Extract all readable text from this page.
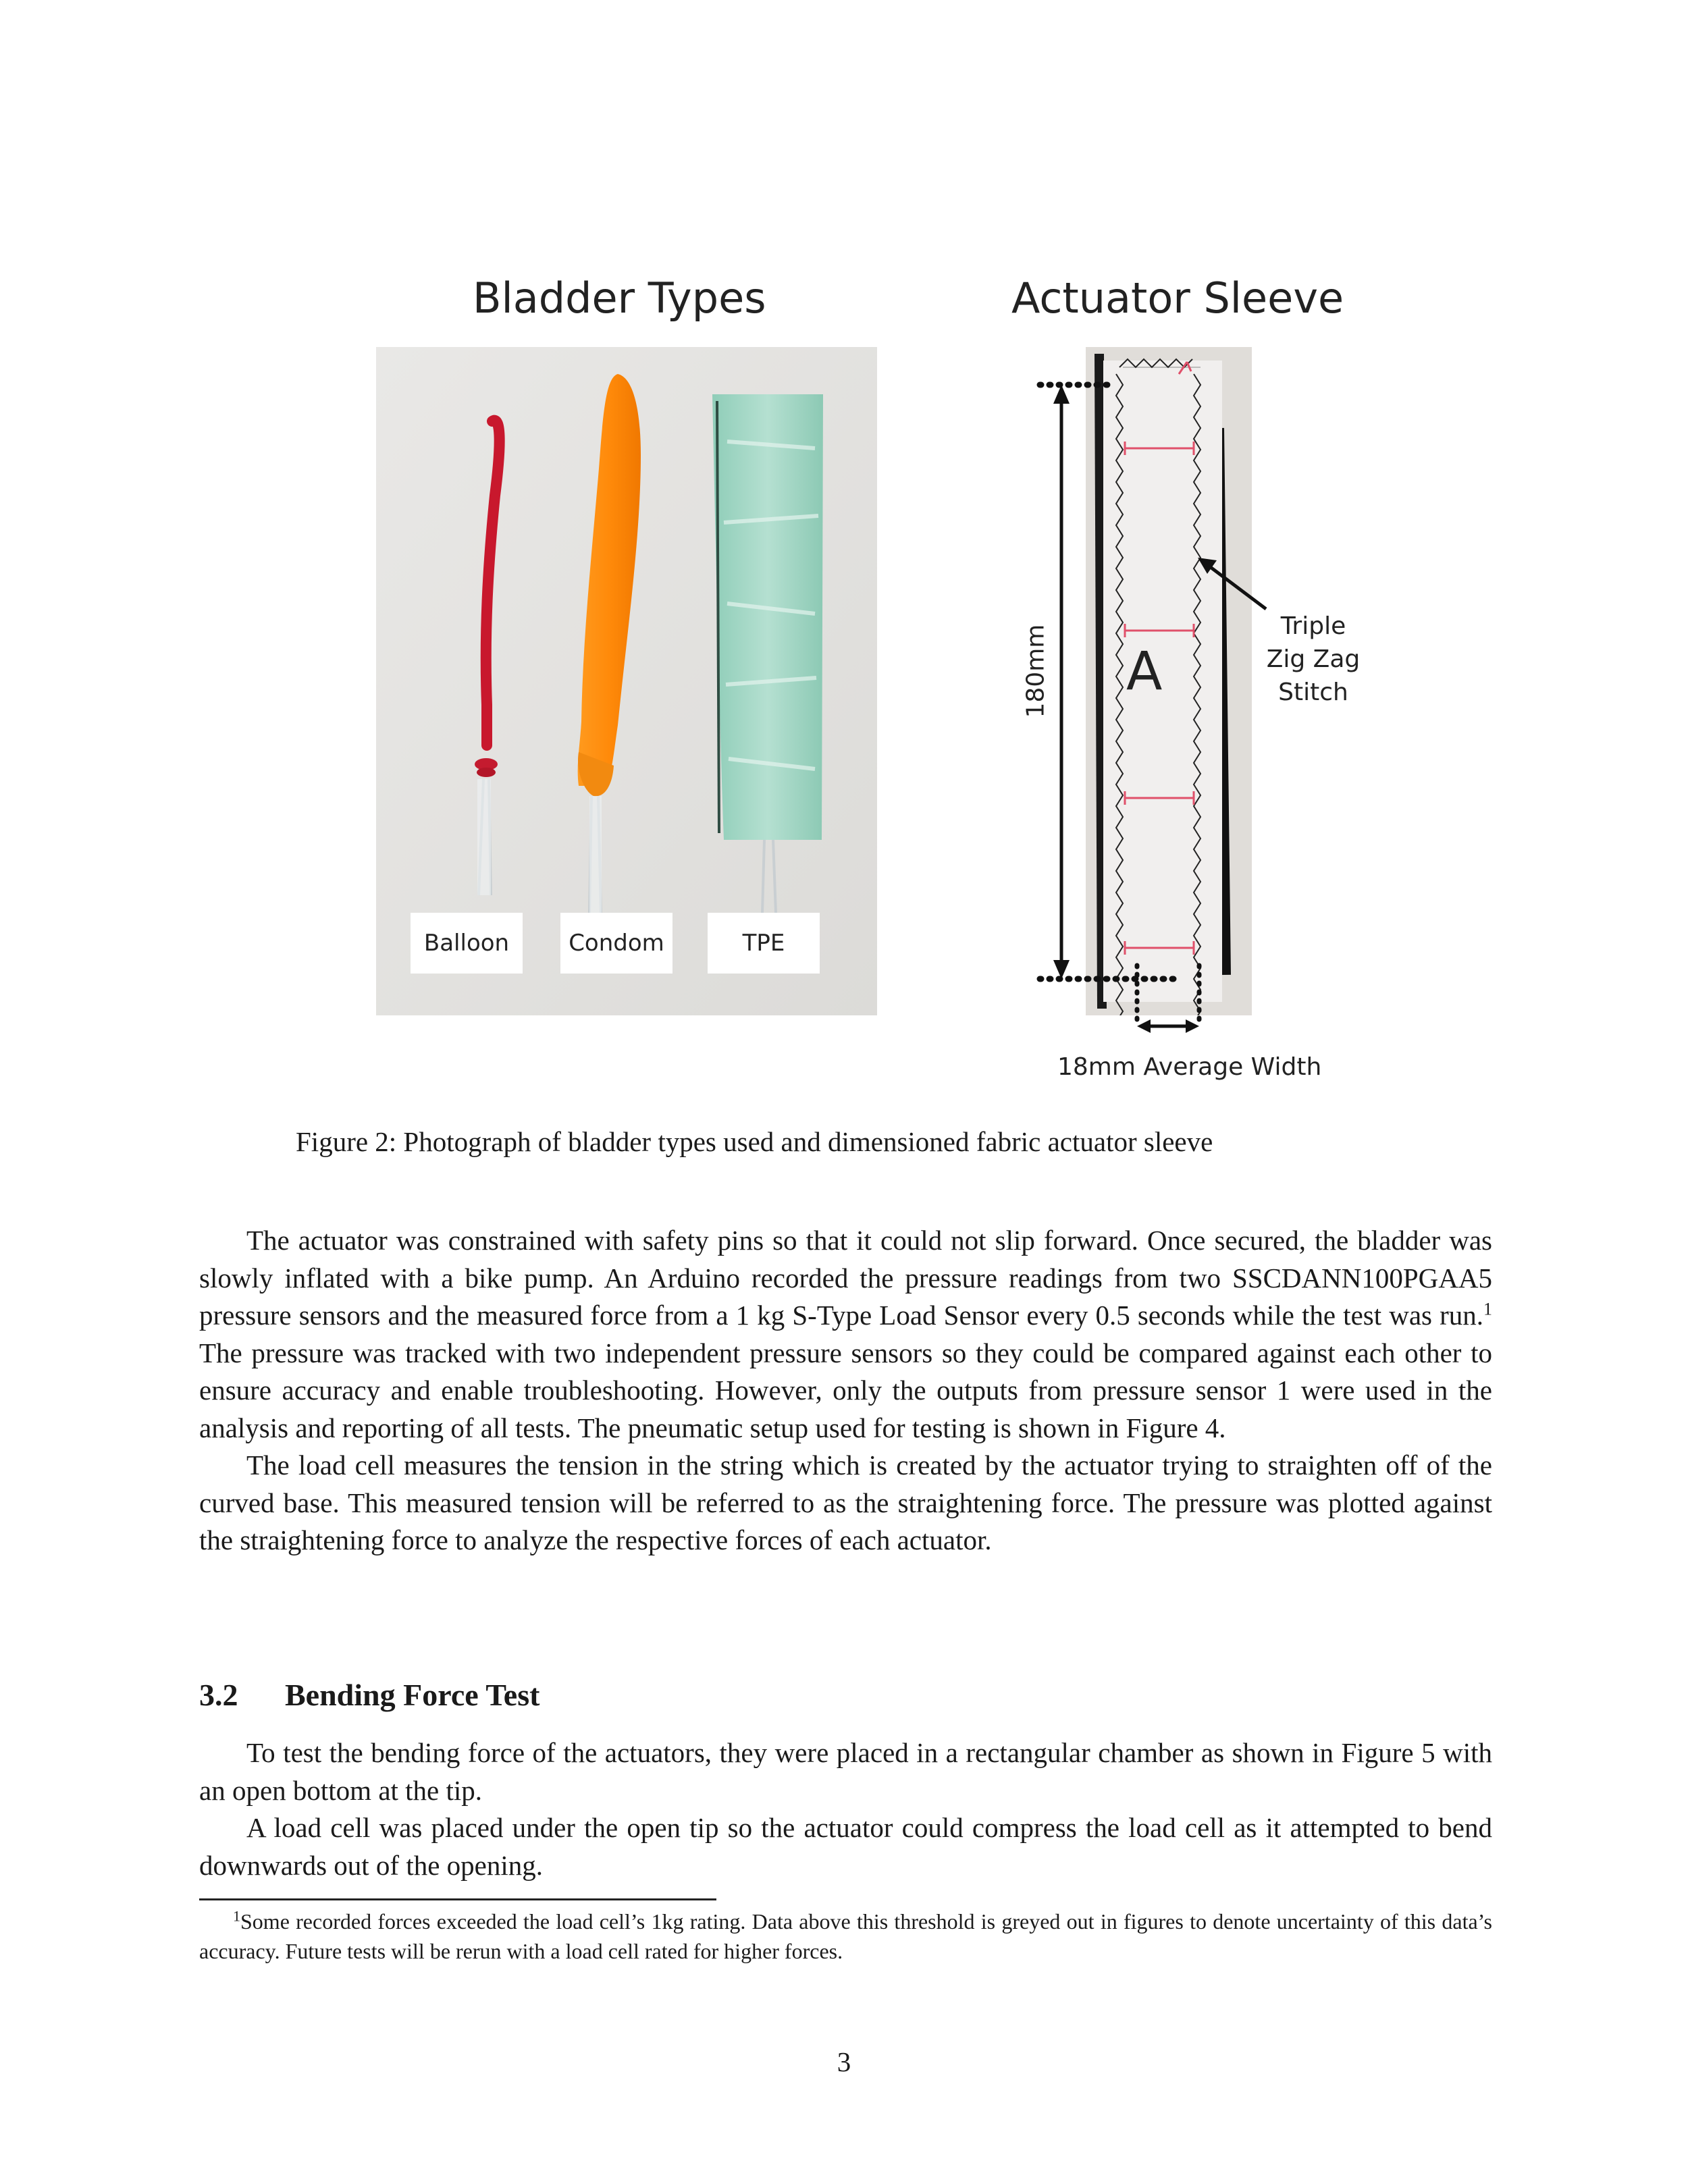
Bladder Types	Actuator Sleeve
Balloon	Condom	TPE
A
180mm
18mm Average Width
Triple
Zig Zag
Stitch
Figure 2: Photograph of bladder types used and dimensioned fabric actuator sleeve

The actuator was constrained with safety pins so that it could not slip forward. Once secured, the bladder was slowly inflated with a bike pump. An Arduino recorded the pressure readings from two SSCDANN100PGAA5 pressure sensors and the measured force from a 1 kg S-Type Load Sensor every 0.5 seconds while the test was run.$^1$ The pressure was tracked with two independent pressure sensors so they could be compared against each other to ensure accuracy and enable troubleshooting. However, only the outputs from pressure sensor 1 were used in the analysis and reporting of all tests. The pneumatic setup used for testing is shown in Figure 4.

The load cell measures the tension in the string which is created by the actuator trying to straighten off of the curved base. This measured tension will be referred to as the straightening force. The pressure was plotted against the straightening force to analyze the respective forces of each actuator.

3.2 Bending Force Test

To test the bending force of the actuators, they were placed in a rectangular chamber as shown in Figure 5 with an open bottom at the tip.

A load cell was placed under the open tip so the actuator could compress the load cell as it attempted to bend downwards out of the opening.

$^1$Some recorded forces exceeded the load cell’s 1kg rating. Data above this threshold is greyed out in figures to denote uncertainty of this data’s accuracy. Future tests will be rerun with a load cell rated for higher forces.

3
